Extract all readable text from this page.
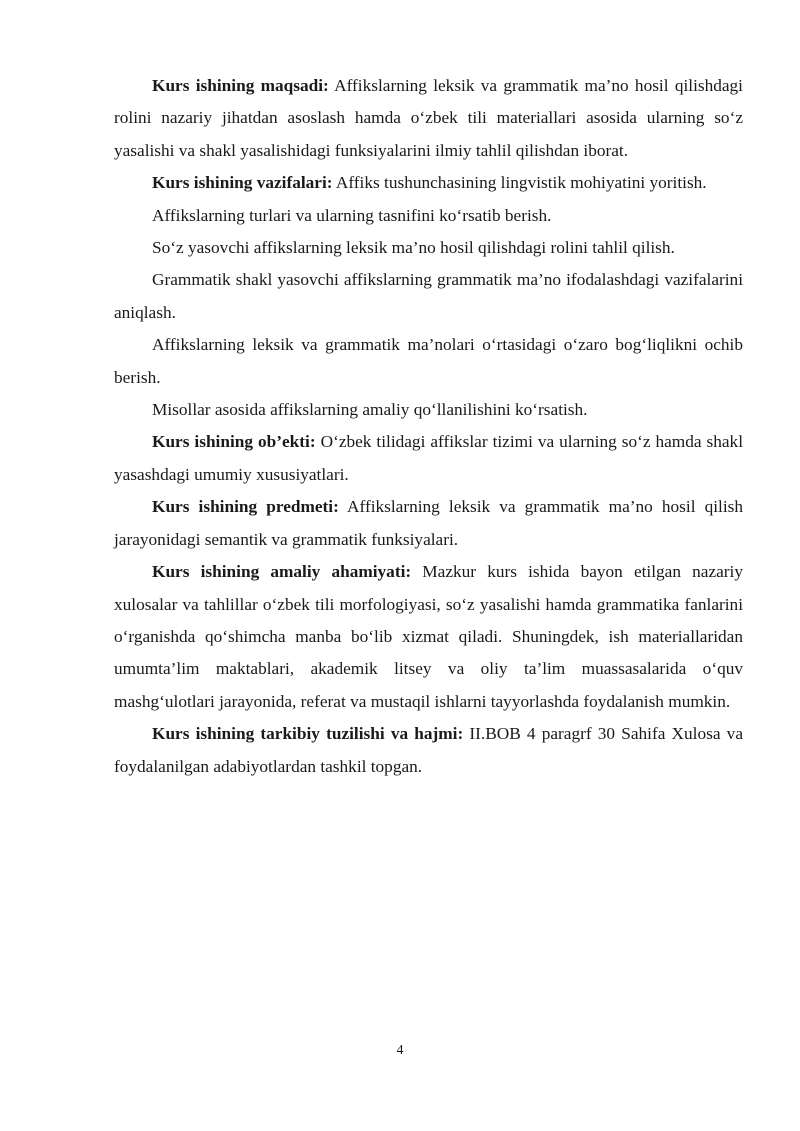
Kurs ishining maqsadi: Affikslarning leksik va grammatik ma’no hosil qilishdagi rolini nazariy jihatdan asoslash hamda o‘zbek tili materiallari asosida ularning so‘z yasalishi va shakl yasalishidagi funksiyalarini ilmiy tahlil qilishdan iborat.

Kurs ishining vazifalari: Affiks tushunchasining lingvistik mohiyatini yoritish.

Affikslarning turlari va ularning tasnifini ko‘rsatib berish.

So‘z yasovchi affikslarning leksik ma’no hosil qilishdagi rolini tahlil qilish.

Grammatik shakl yasovchi affikslarning grammatik ma’no ifodalashdagi vazifalarini aniqlash.

Affikslarning leksik va grammatik ma’nolari o‘rtasidagi o‘zaro bog‘liqlikni ochib berish.

Misollar asosida affikslarning amaliy qo‘llanilishini ko‘rsatish.

Kurs ishining ob’ekti: O‘zbek tilidagi affikslar tizimi va ularning so‘z hamda shakl yasashdagi umumiy xususiyatlari.

Kurs ishining predmeti: Affikslarning leksik va grammatik ma’no hosil qilish jarayonidagi semantik va grammatik funksiyalari.

Kurs ishining amaliy ahamiyati: Mazkur kurs ishida bayon etilgan nazariy xulosalar va tahlillar o‘zbek tili morfologiyasi, so‘z yasalishi hamda grammatika fanlarini o‘rganishda qo‘shimcha manba bo‘lib xizmat qiladi. Shuningdek, ish materiallaridan umumta’lim maktablari, akademik litsey va oliy ta’lim muassasalarida o‘quv mashg‘ulotlari jarayonida, referat va mustaqil ishlarni tayyorlashda foydalanish mumkin.

Kurs ishining tarkibiy tuzilishi va hajmi: II.BOB 4 paragrf 30 Sahifa Xulosa va foydalanilgan adabiyotlardan tashkil topgan.

4
